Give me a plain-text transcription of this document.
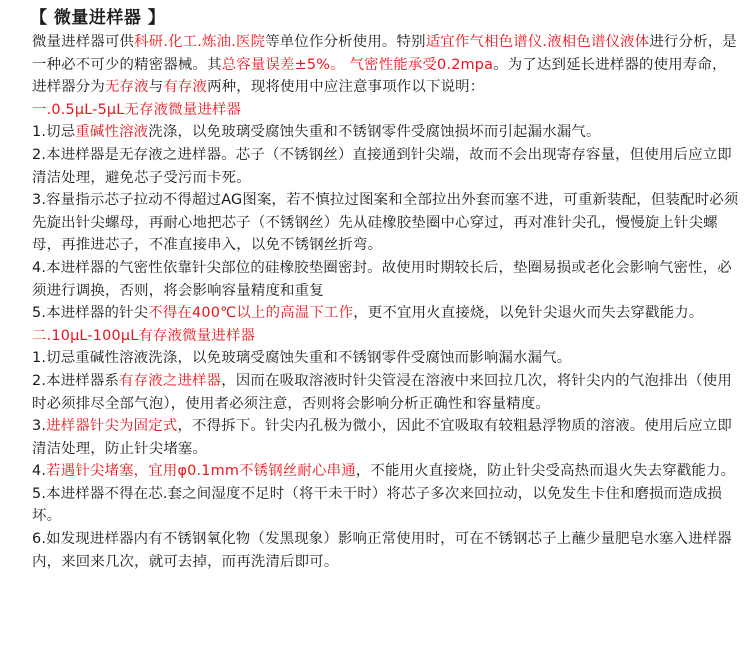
【 微量进样器 】

微量进样器可供科研.化工.炼油.医院等单位作分析使用。特别适宜作气相色谱仪.液相色谱仪液体进行分析，是一种必不可少的精密器械。其总容量误差±5%。 气密性能承受0.2mpa。为了达到延长进样器的使用寿命，进样器分为无存液与有存液两种，现将使用中应注意事项作以下说明：

一.0.5μL-5μL无存液微量进样器

1.切忌重碱性溶液洗涤，以免玻璃受腐蚀失重和不锈钢零件受腐蚀损坏而引起漏水漏气。

2.本进样器是无存液之进样器。芯子（不锈钢丝）直接通到针尖端，故而不会出现寄存容量，但使用后应立即清洁处理，避免芯子受污而卡死。

3.容量指示芯子拉动不得超过AG图案，若不慎拉过图案和全部拉出外套而塞不进，可重新装配，但装配时必须先旋出针尖螺母，再耐心地把芯子（不锈钢丝）先从硅橡胶垫圈中心穿过，再对准针尖孔，慢慢旋上针尖螺母，再推进芯子，不准直接串入，以免不锈钢丝折弯。

4.本进样器的气密性依靠针尖部位的硅橡胶垫圈密封。故使用时期较长后，垫圈易损或老化会影响气密性，必须进行调换，否则，将会影响容量精度和重复

5.本进样器的针尖不得在400℃以上的高温下工作，更不宜用火直接烧，以免针尖退火而失去穿戳能力。

二.10μL-100μL有存液微量进样器

1.切忌重碱性溶液洗涤，以免玻璃受腐蚀失重和不锈钢零件受腐蚀而影响漏水漏气。

2.本进样器系有存液之进样器，因而在吸取溶液时针尖管浸在溶液中来回拉几次，将针尖内的气泡排出（使用时必须排尽全部气泡），使用者必须注意，否则将会影响分析正确性和容量精度。

3.进样器针尖为固定式，不得拆下。针尖内孔极为微小，因此不宜吸取有较粗悬浮物质的溶液。使用后应立即清洁处理，防止针尖堵塞。

4.若遇针尖堵塞，宜用φ0.1mm不锈钢丝耐心串通，不能用火直接烧，防止针尖受高热而退火失去穿戳能力。

5.本进样器不得在芯.套之间湿度不足时（将干未干时）将芯子多次来回拉动，以免发生卡住和磨损而造成损坏。

6.如发现进样器内有不锈钢氧化物（发黑现象）影响正常使用时，可在不锈钢芯子上蘸少量肥皂水塞入进样器内，来回来几次，就可去掉，而再洗清后即可。
